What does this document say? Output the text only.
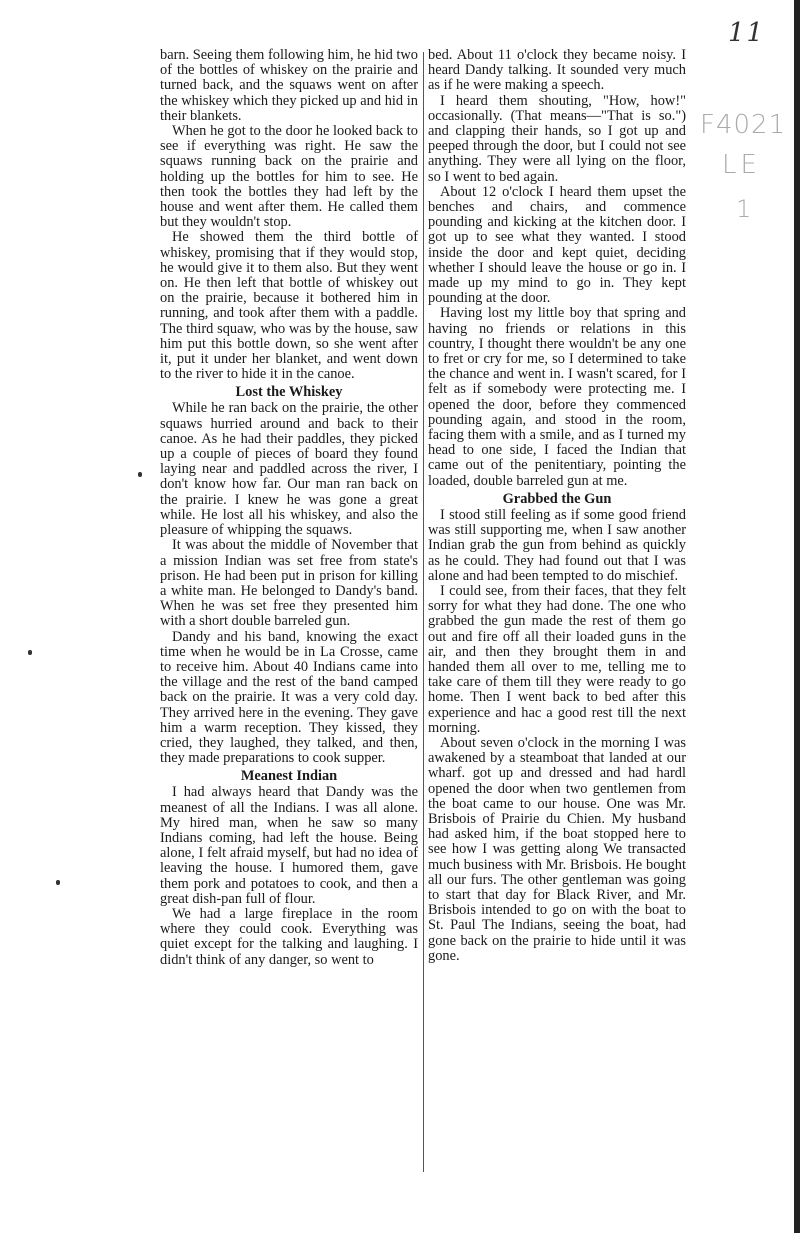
11
F4021
LE
1

barn. Seeing them following him, he hid two of the bottles of whiskey on the prairie and turned back, and the squaws went on after the whiskey which they picked up and hid in their blankets.

When he got to the door he looked back to see if everything was right. He saw the squaws running back on the prairie and holding up the bottles for him to see. He then took the bottles they had left by the house and went after them. He called them but they wouldn't stop.

He showed them the third bottle of whiskey, promising that if they would stop, he would give it to them also. But they went on. He then left that bottle of whiskey out on the prairie, because it bothered him in running, and took after them with a paddle. The third squaw, who was by the house, saw him put this bottle down, so she went after it, put it under her blanket, and went down to the river to hide it in the canoe.

Lost the Whiskey

While he ran back on the prairie, the other squaws hurried around and back to their canoe. As he had their paddles, they picked up a couple of pieces of board they found laying near and paddled across the river, I don't know how far. Our man ran back on the prairie. I knew he was gone a great while. He lost all his whiskey, and also the pleasure of whipping the squaws.

It was about the middle of November that a mission Indian was set free from state's prison. He had been put in prison for killing a white man. He belonged to Dandy's band. When he was set free they presented him with a short double barreled gun.

Dandy and his band, knowing the exact time when he would be in La Crosse, came to receive him. About 40 Indians came into the village and the rest of the band camped back on the prairie. It was a very cold day. They arrived here in the evening. They gave him a warm reception. They kissed, they cried, they laughed, they talked, and then, they made preparations to cook supper.

Meanest Indian

I had always heard that Dandy was the meanest of all the Indians. I was all alone. My hired man, when he saw so many Indians coming, had left the house. Being alone, I felt afraid myself, but had no idea of leaving the house. I humored them, gave them pork and potatoes to cook, and then a great dish-pan full of flour.

We had a large fireplace in the room where they could cook. Everything was quiet except for the talking and laughing. I didn't think of any danger, so went to

bed. About 11 o'clock they became noisy. I heard Dandy talking. It sounded very much as if he were making a speech.

I heard them shouting, "How, how!" occasionally. (That means—"That is so.") and clapping their hands, so I got up and peeped through the door, but I could not see anything. They were all lying on the floor, so I went to bed again.

About 12 o'clock I heard them upset the benches and chairs, and commence pounding and kicking at the kitchen door. I got up to see what they wanted. I stood inside the door and kept quiet, deciding whether I should leave the house or go in. I made up my mind to go in. They kept pounding at the door.

Having lost my little boy that spring and having no friends or relations in this country, I thought there wouldn't be any one to fret or cry for me, so I determined to take the chance and went in. I wasn't scared, for I felt as if somebody were protecting me. I opened the door, before they commenced pounding again, and stood in the room, facing them with a smile, and as I turned my head to one side, I faced the Indian that came out of the penitentiary, pointing the loaded, double barreled gun at me.

Grabbed the Gun

I stood still feeling as if some good friend was still supporting me, when I saw another Indian grab the gun from behind as quickly as he could. They had found out that I was alone and had been tempted to do mischief.

I could see, from their faces, that they felt sorry for what they had done. The one who grabbed the gun made the rest of them go out and fire off all their loaded guns in the air, and then they brought them in and handed them all over to me, telling me to take care of them till they were ready to go home. Then I went back to bed after this experience and hac a good rest till the next morning.

About seven o'clock in the morning I was awakened by a steamboat that landed at our wharf. got up and dressed and had hardl opened the door when two gentlemen from the boat came to our house. One was Mr. Brisbois of Prairie du Chien. My husband had asked him, if the boat stopped here to see how I was getting along We transacted much business with Mr. Brisbois. He bought all our furs. The other gentleman was going to start that day for Black River, and Mr. Brisbois intended to go on with the boat to St. Paul The Indians, seeing the boat, had gone back on the prairie to hide until it was gone.
